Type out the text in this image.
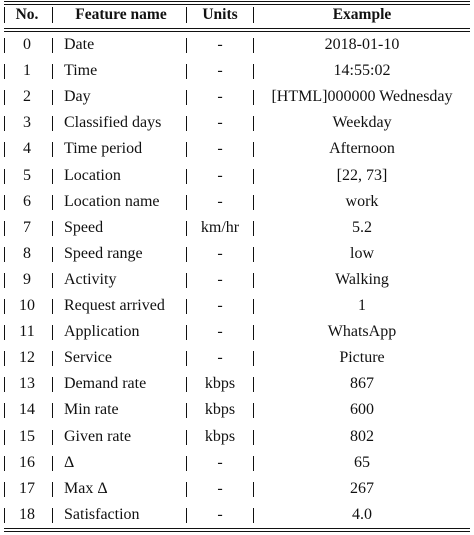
No.	Feature name	Units	Example
0	Date	-	2018-01-10
1	Time	-	14:55:02
2	Day	-	[HTML]000000 Wednesday
3	Classified days	-	Weekday
4	Time period	-	Afternoon
5	Location	-	[22, 73]
6	Location name	-	work
7	Speed	km/hr	5.2
8	Speed range	-	low
9	Activity	-	Walking
10	Request arrived	-	1
11	Application	-	WhatsApp
12	Service	-	Picture
13	Demand rate	kbps	867
14	Min rate	kbps	600
15	Given rate	kbps	802
16	Δ	-	65
17	Max Δ	-	267
18	Satisfaction	-	4.0
